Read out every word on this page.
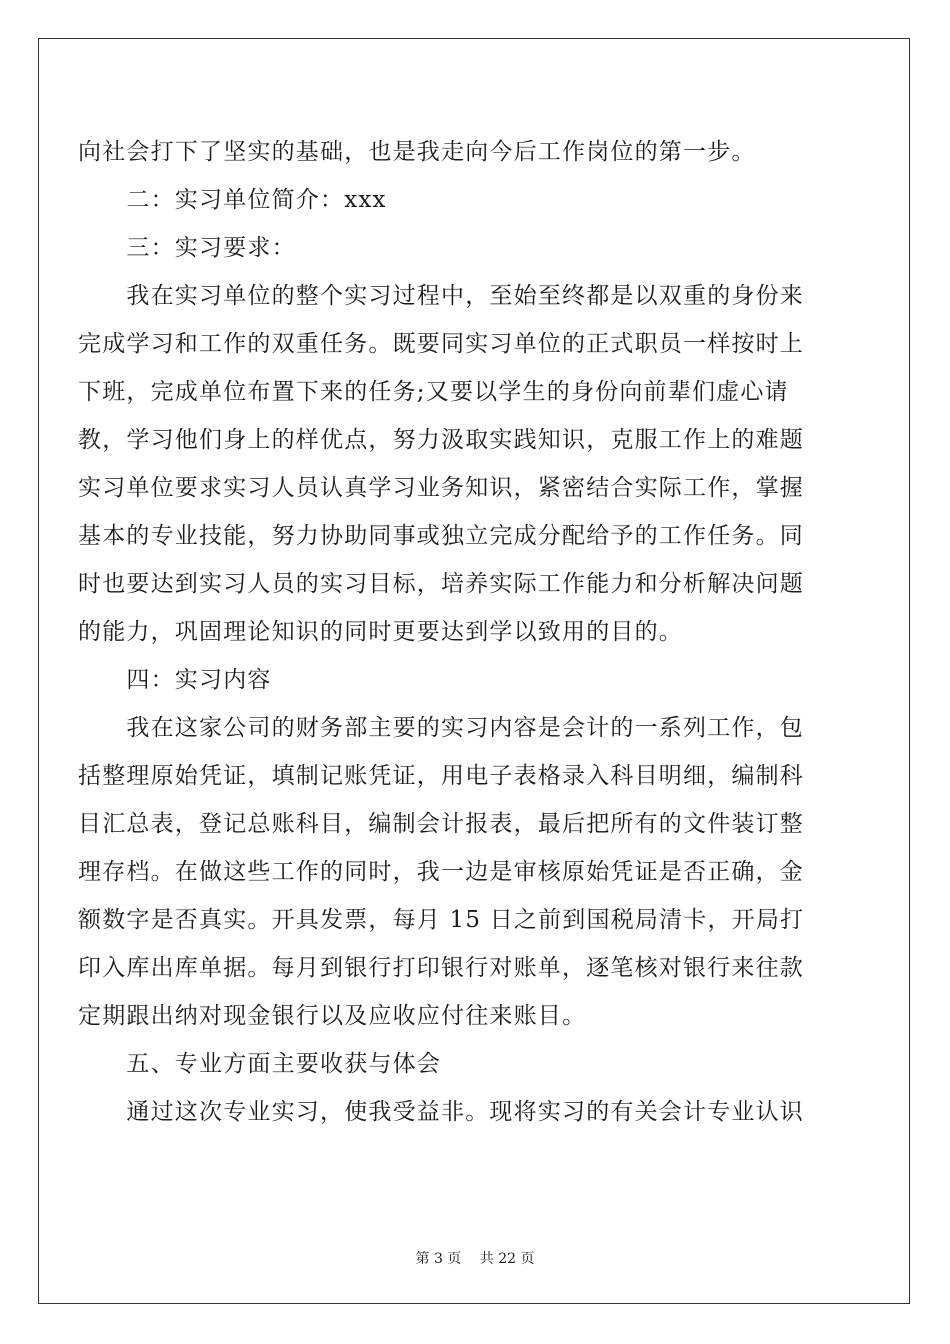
向社会打下了坚实的基础，也是我走向今后工作岗位的第一步。

　　二：实习单位简介：xxx

　　三：实习要求：

　　我在实习单位的整个实习过程中，至始至终都是以双重的身份来

完成学习和工作的双重任务。既要同实习单位的正式职员一样按时上

下班，完成单位布置下来的任务;又要以学生的身份向前辈们虚心请

教，学习他们身上的样优点，努力汲取实践知识，克服工作上的难题

实习单位要求实习人员认真学习业务知识，紧密结合实际工作，掌握

基本的专业技能，努力协助同事或独立完成分配给予的工作任务。同

时也要达到实习人员的实习目标，培养实际工作能力和分析解决问题

的能力，巩固理论知识的同时更要达到学以致用的目的。

　　四：实习内容

　　我在这家公司的财务部主要的实习内容是会计的一系列工作，包

括整理原始凭证，填制记账凭证，用电子表格录入科目明细，编制科

目汇总表，登记总账科目，编制会计报表，最后把所有的文件装订整

理存档。在做这些工作的同时，我一边是审核原始凭证是否正确，金

额数字是否真实。开具发票，每月 15 日之前到国税局清卡，开局打

印入库出库单据。每月到银行打印银行对账单，逐笔核对银行来往款

定期跟出纳对现金银行以及应收应付往来账目。

　　五、专业方面主要收获与体会

　　通过这次专业实习，使我受益非。现将实习的有关会计专业认识

第 3 页　 共 22 页
